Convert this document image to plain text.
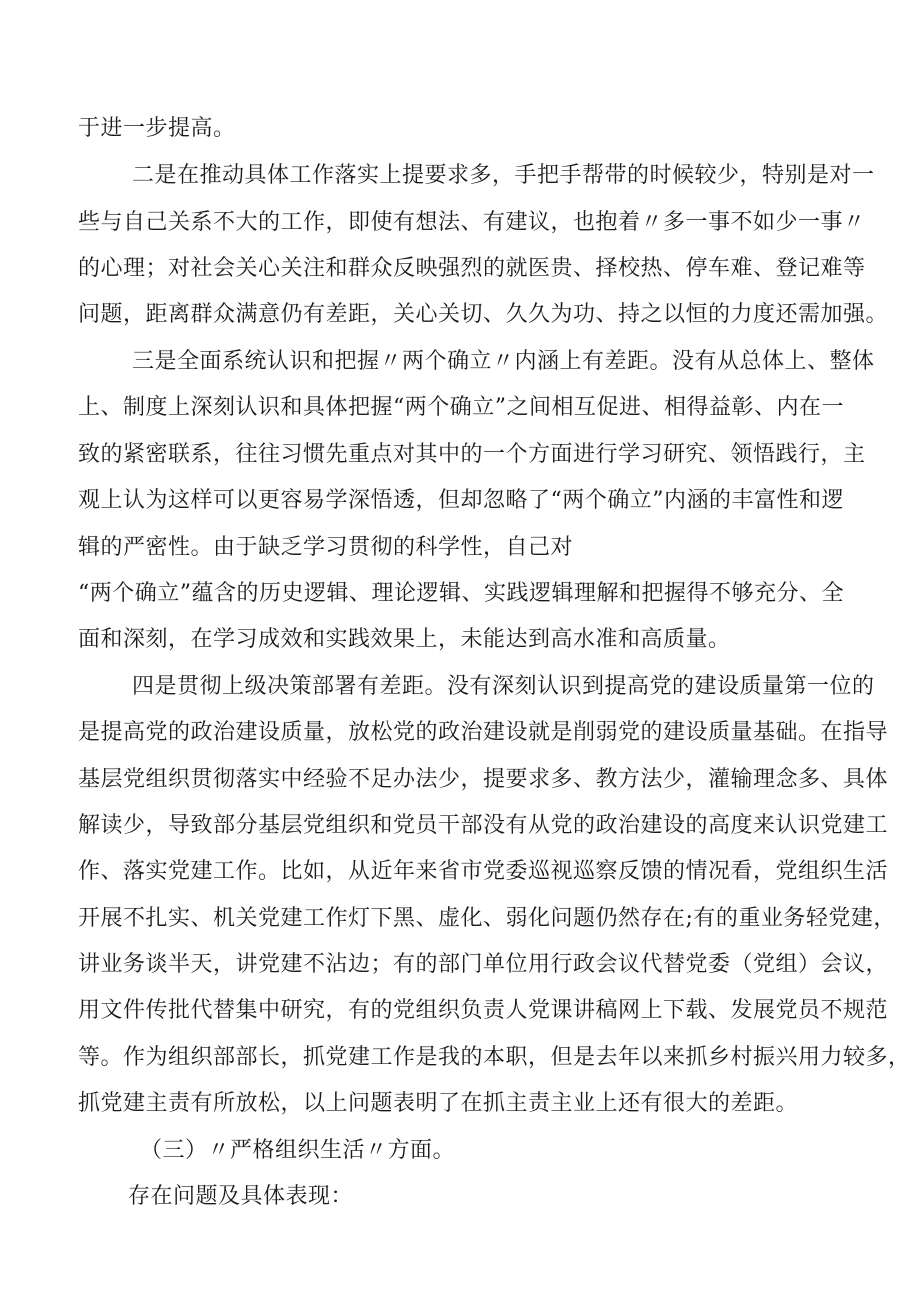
于进一步提高。
二是在推动具体工作落实上提要求多，手把手帮带的时候较少，特别是对一
些与自己关系不大的工作，即使有想法、有建议，也抱着〃多一事不如少一事〃
的心理；对社会关心关注和群众反映强烈的就医贵、择校热、停车难、登记难等
问题，距离群众满意仍有差距，关心关切、久久为功、持之以恒的力度还需加强。
三是全面系统认识和把握〃两个确立〃内涵上有差距。没有从总体上、整体
上、制度上深刻认识和具体把握“两个确立”之间相互促进、相得益彰、内在一
致的紧密联系，往往习惯先重点对其中的一个方面进行学习研究、领悟践行，主
观上认为这样可以更容易学深悟透，但却忽略了“两个确立”内涵的丰富性和逻
辑的严密性。由于缺乏学习贯彻的科学性，自己对
“两个确立”蕴含的历史逻辑、理论逻辑、实践逻辑理解和把握得不够充分、全
面和深刻，在学习成效和实践效果上，未能达到高水准和高质量。
四是贯彻上级决策部署有差距。没有深刻认识到提高党的建设质量第一位的
是提高党的政治建设质量，放松党的政治建设就是削弱党的建设质量基础。在指导
基层党组织贯彻落实中经验不足办法少，提要求多、教方法少，灌输理念多、具体
解读少，导致部分基层党组织和党员干部没有从党的政治建设的高度来认识党建工
作、落实党建工作。比如，从近年来省市党委巡视巡察反馈的情况看，党组织生活
开展不扎实、机关党建工作灯下黑、虚化、弱化问题仍然存在;有的重业务轻党建，
讲业务谈半天，讲党建不沾边；有的部门单位用行政会议代替党委（党组）会议，
用文件传批代替集中研究，有的党组织负责人党课讲稿网上下载、发展党员不规范
等。作为组织部部长，抓党建工作是我的本职，但是去年以来抓乡村振兴用力较多，
抓党建主责有所放松，以上问题表明了在抓主责主业上还有很大的差距。
（三）〃严格组织生活〃方面。
存在问题及具体表现：
